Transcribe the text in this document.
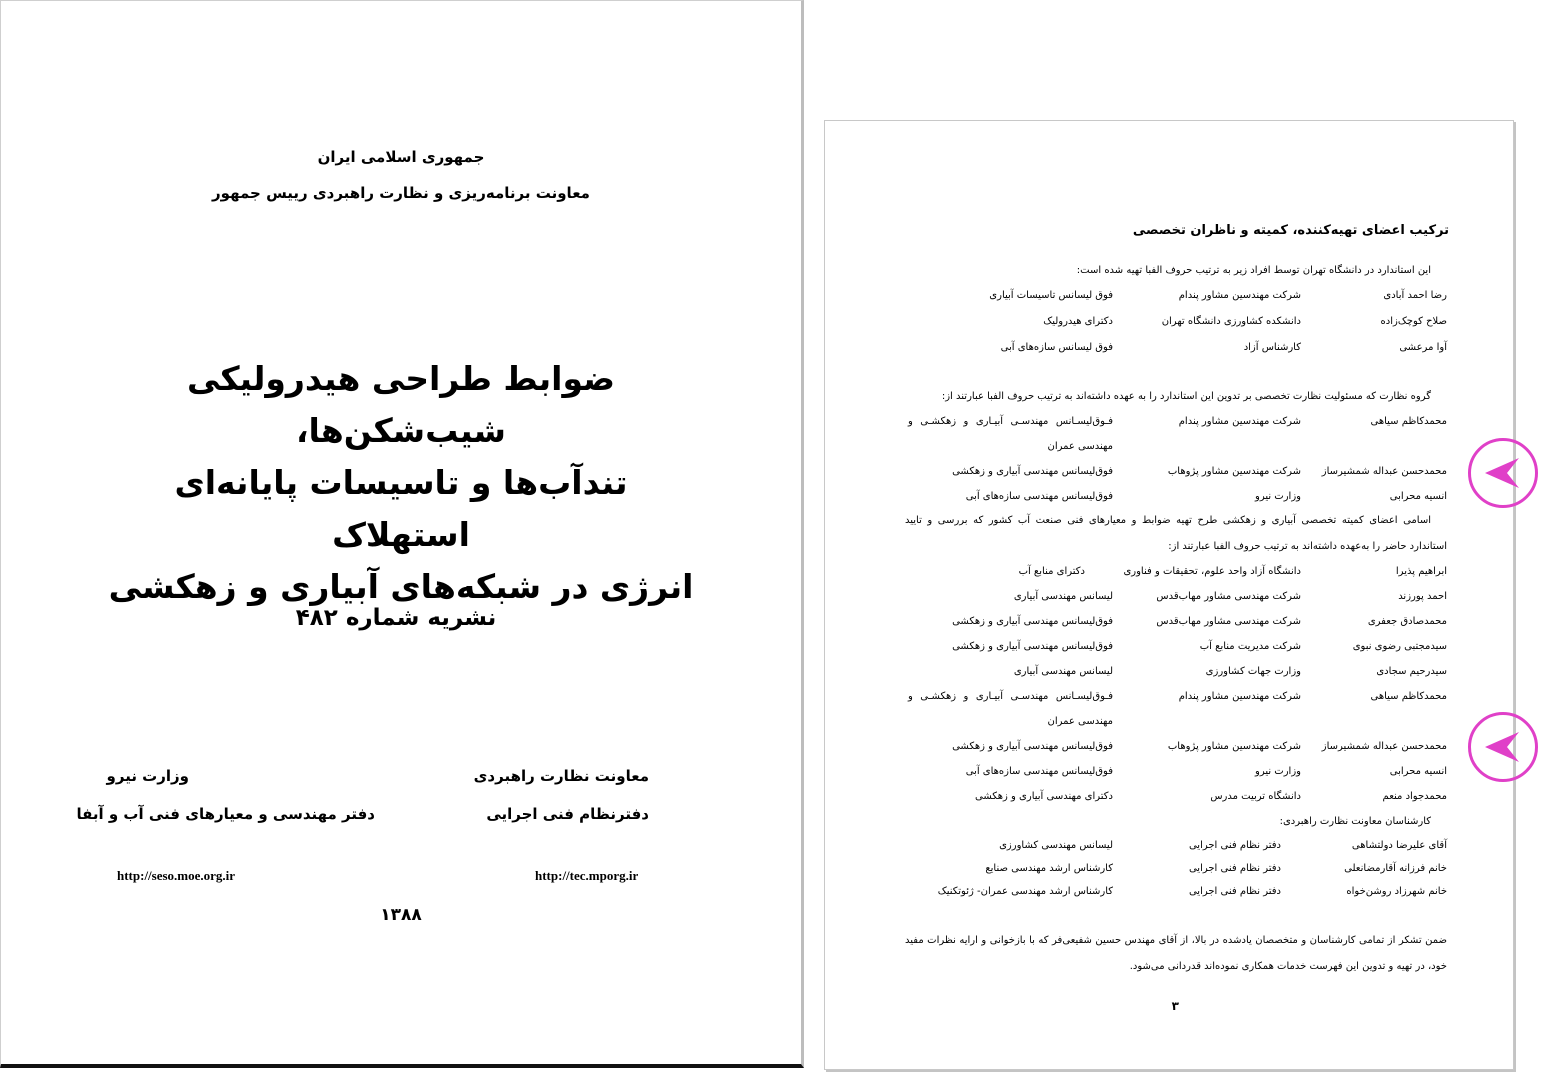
جمهوری اسلامی ایران
معاونت برنامه‌ریزی و نظارت راهبردی رییس جمهور
ضوابط طراحی هیدرولیکی شیب‌شکن‌ها،
تندآب‌ها و تاسیسات پایانه‌ای استهلاک
انرژی در شبکه‌های آبیاری و زهکشی
نشریه شماره ۴۸۲
معاونت نظارت راهبردی
دفترنظام فنی اجرایی
وزارت نیرو
دفتر مهندسی و معیارهای فنی آب و آبفا
http://tec.mporg.ir
http://seso.moe.org.ir
۱۳۸۸
ترکیب اعضای تهیه‌کننده، کمیته و ناظران تخصصی
این استاندارد در دانشگاه تهران توسط افراد زیر به ترتیب حروف الفبا تهیه شده است:
رضا احمد آبادی
شرکت مهندسین مشاور پندام
فوق لیسانس تاسیسات آبیاری
صلاح کوچک‌زاده
دانشکده کشاورزی دانشگاه تهران
دکترای هیدرولیک
آوا مرعشی
کارشناس آزاد
فوق لیسانس سازه‌های آبی
گروه نظارت که مسئولیت نظارت تخصصی بر تدوین این استاندارد را به عهده داشته‌اند به ترتیب حروف الفبا عبارتند از:
محمدکاظم سیاهی
شرکت مهندسین مشاور پندام
فـوق‌لیسـانس مهندسـی آبیـاری و زهکشـی و
مهندسی عمران
محمدحسن عبداله شمشیرساز
شرکت مهندسین مشاور پژوهاب
فوق‌لیسانس مهندسی آبیاری و زهکشی
انسیه محرابی
وزارت نیرو
فوق‌لیسانس مهندسی سازه‌های آبی
اسامی اعضای کمیته تخصصی آبیاری و زهکشی طرح تهیه ضوابط و معیارهای فنی صنعت آب کشور که بررسی و تایید
استاندارد حاضر را به‌عهده داشته‌اند به ترتیب حروف الفبا عبارتند از:
ابراهیم پذیرا
دانشگاه آزاد واحد علوم، تحقیقات و فناوری
دکترای منابع آب
احمد پورزند
شرکت مهندسی مشاور مهاب‌قدس
لیسانس مهندسی آبیاری
محمدصادق جعفری
شرکت مهندسی مشاور مهاب‌قدس
فوق‌لیسانس مهندسی آبیاری و زهکشی
سیدمجتبی رضوی نبوی
شرکت مدیریت منابع آب
فوق‌لیسانس مهندسی آبیاری و زهکشی
سیدرحیم سجادی
وزارت جهات کشاورزی
لیسانس مهندسی آبیاری
محمدکاظم سیاهی
شرکت مهندسین مشاور پندام
فـوق‌لیسـانس مهندسـی آبیـاری و زهکشـی و
مهندسی عمران
محمدحسن عبداله شمشیرساز
شرکت مهندسین مشاور پژوهاب
فوق‌لیسانس مهندسی آبیاری و زهکشی
انسیه محرابی
وزارت نیرو
فوق‌لیسانس مهندسی سازه‌های آبی
محمدجواد منعم
دانشگاه تربیت مدرس
دکترای مهندسی آبیاری و زهکشی
کارشناسان معاونت نظارت راهبردی:
آقای علیرضا دولتشاهی
دفتر نظام فنی اجرایی
لیسانس مهندسی کشاورزی
خانم فرزانه آقارمضانعلی
دفتر نظام فنی اجرایی
کارشناس ارشد مهندسی صنایع
خانم شهرزاد روشن‌خواه
دفتر نظام فنی اجرایی
کارشناس ارشد مهندسی عمران- ژئوتکنیک
ضمن تشکر از تمامی کارشناسان و متخصصان یادشده در بالا، از آقای مهندس حسین شفیعی‌فر که با بازخوانی و ارایه نظرات مفید
خود، در تهیه و تدوین این فهرست خدمات همکاری نموده‌اند قدردانی می‌شود.
۳
